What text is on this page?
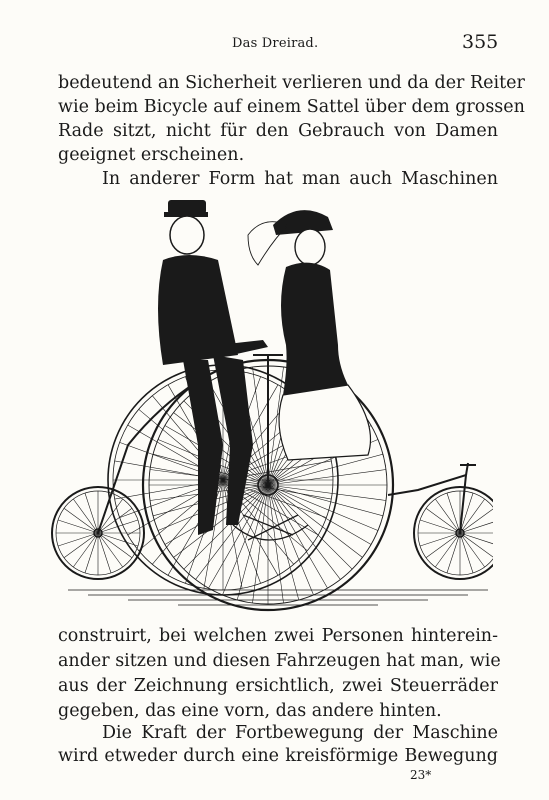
Das Dreirad.	355
bedeutend an Sicherheit verlieren und da der Reiter
wie beim Bicycle auf einem Sattel über dem grossen
Rade sitzt, nicht für den Gebrauch von Damen
geeignet erscheinen.
In anderer Form hat man auch Maschinen
construirt, bei welchen zwei Personen hinterein-
ander sitzen und diesen Fahrzeugen hat man, wie
aus der Zeichnung ersichtlich, zwei Steuerräder
gegeben, das eine vorn, das andere hinten.
Die Kraft der Fortbewegung der Maschine
wird etweder durch eine kreisförmige Bewegung
23*
